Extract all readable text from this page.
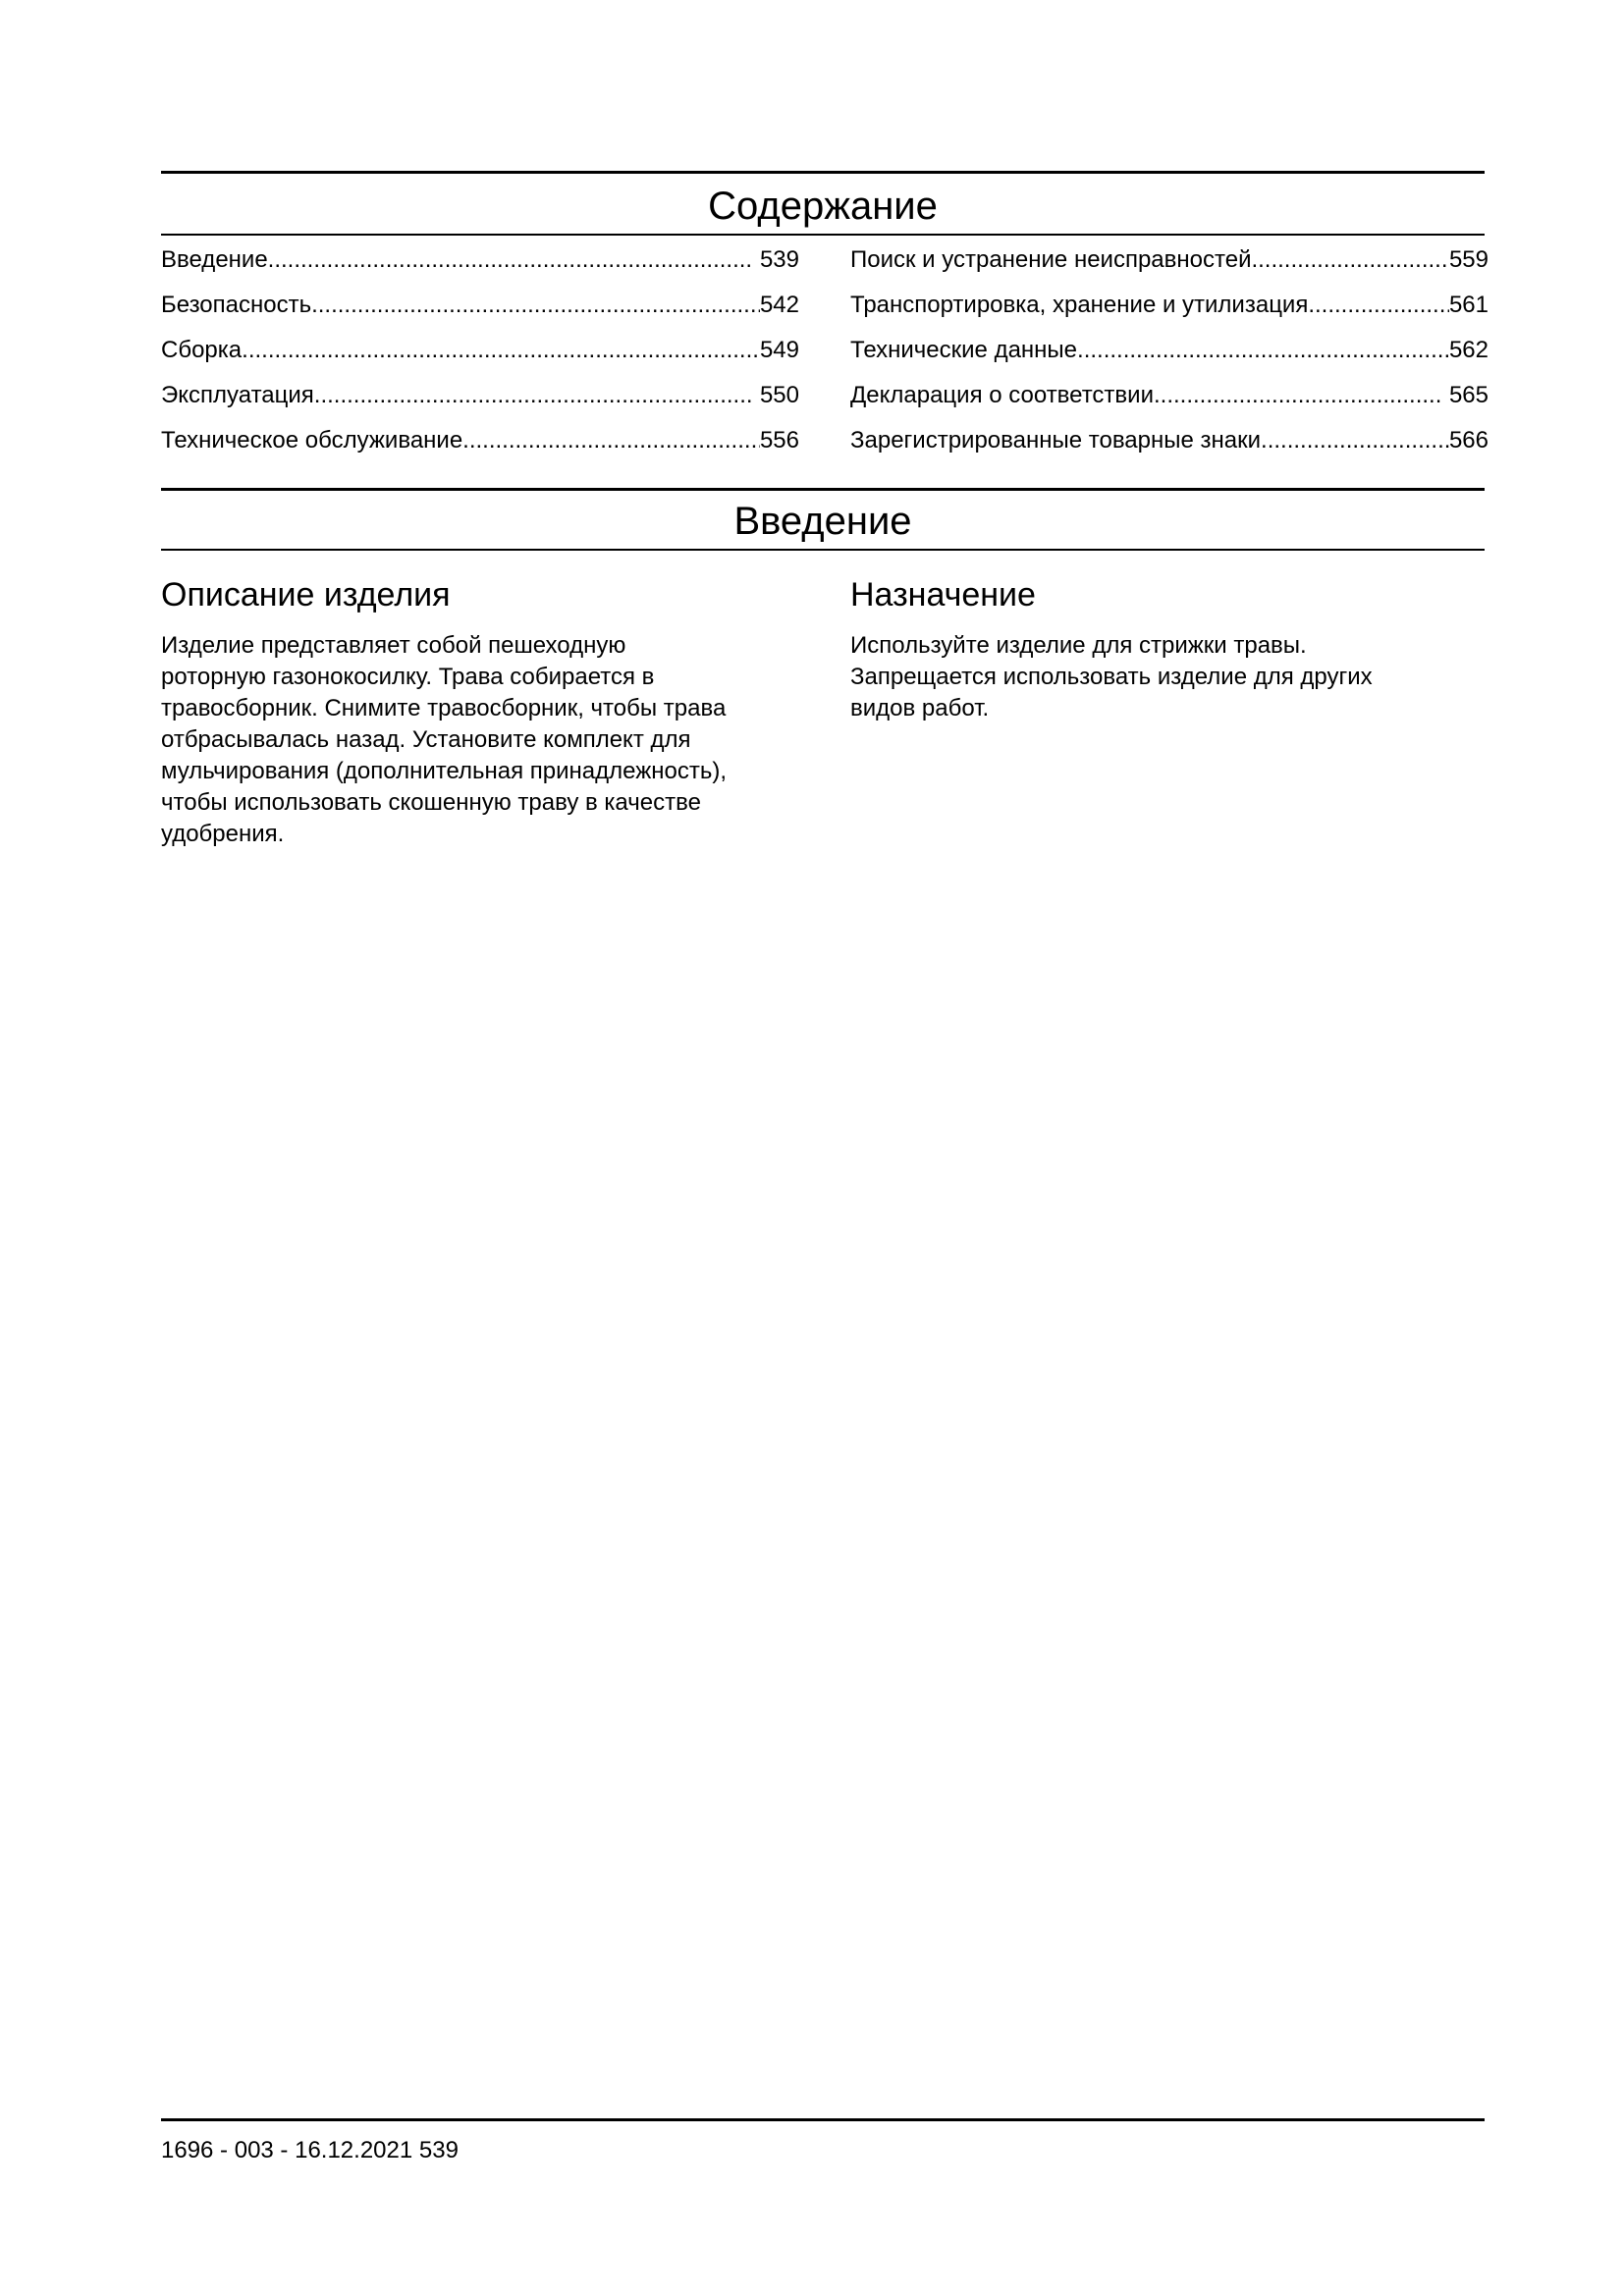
Содержание
Введение .....	539
Безопасность .....	542
Сборка .....	549
Эксплуатация .....	550
Техническое обслуживание .....	556
Поиск и устранение неисправностей .....	559
Транспортировка, хранение и утилизация .....	561
Технические данные .....	562
Декларация о соответствии .....	565
Зарегистрированные товарные знаки .....	566
Введение
Описание изделия
Изделие представляет собой пешеходную
роторную газонокосилку. Трава собирается в
травосборник. Снимите травосборник, чтобы трава
отбрасывалась назад. Установите комплект для
мульчирования (дополнительная принадлежность),
чтобы использовать скошенную траву в качестве
удобрения.
Назначение
Используйте изделие для стрижки травы.
Запрещается использовать изделие для других
видов работ.
1696 - 003 - 16.12.2021 539
